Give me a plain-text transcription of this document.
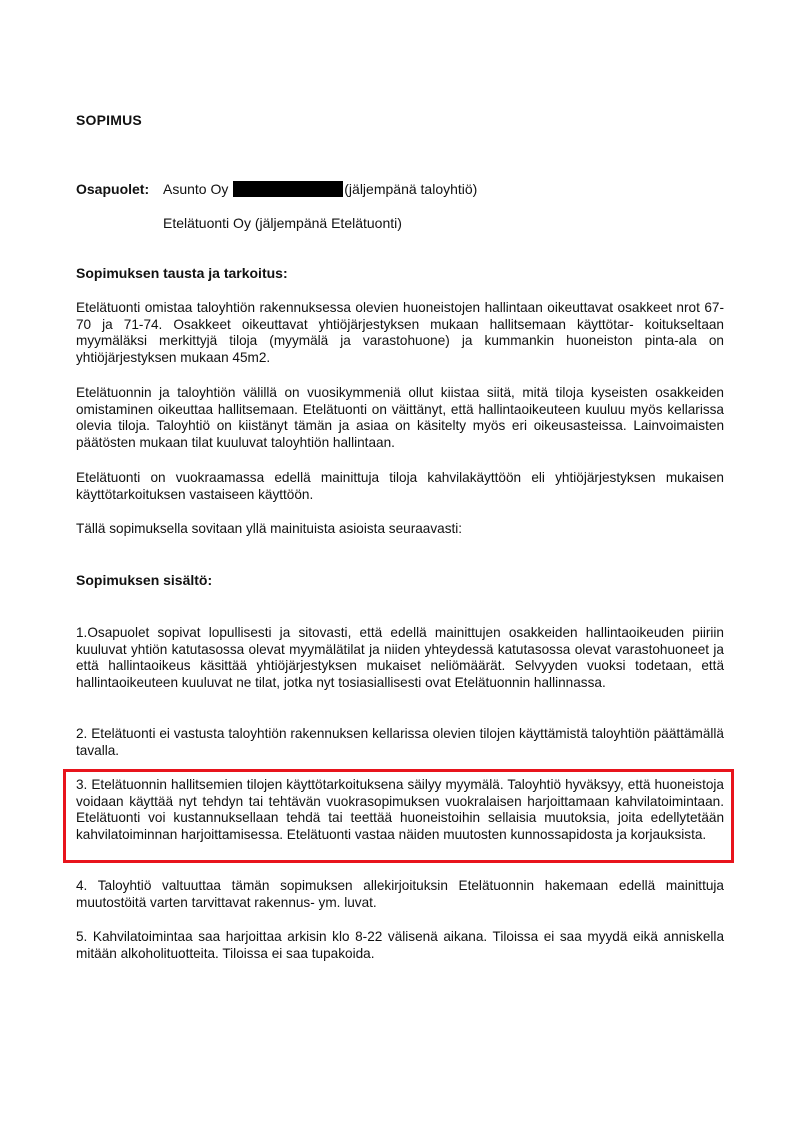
SOPIMUS
Osapuolet: Asunto Oy	(jäljempänä taloyhtiö)
Etelätuonti Oy (jäljempänä Etelätuonti)
Sopimuksen tausta ja tarkoitus:

Etelätuonti omistaa taloyhtiön rakennuksessa olevien huoneistojen hallintaan oikeuttavat osakkeet nrot 67-70 ja 71-74. Osakkeet oikeuttavat yhtiöjärjestyksen mukaan hallitsemaan käyttötar- koitukseltaan myymäläksi merkittyjä tiloja (myymälä ja varastohuone) ja kummankin huoneiston pinta-ala on yhtiöjärjestyksen mukaan 45m2.

Etelätuonnin ja taloyhtiön välillä on vuosikymmeniä ollut kiistaa siitä, mitä tiloja kyseisten osakkeiden omistaminen oikeuttaa hallitsemaan. Etelätuonti on väittänyt, että hallintaoikeuteen kuuluu myös kellarissa olevia tiloja. Taloyhtiö on kiistänyt tämän ja asiaa on käsitelty myös eri oikeusasteissa. Lainvoimaisten päätösten mukaan tilat kuuluvat taloyhtiön hallintaan.

Etelätuonti on vuokraamassa edellä mainittuja tiloja kahvilakäyttöön eli yhtiöjärjestyksen mukaisen käyttötarkoituksen vastaiseen käyttöön.

Tällä sopimuksella sovitaan yllä mainituista asioista seuraavasti:

Sopimuksen sisältö:

1.Osapuolet sopivat lopullisesti ja sitovasti, että edellä mainittujen osakkeiden hallintaoikeuden piiriin kuuluvat yhtiön katutasossa olevat myymälätilat ja niiden yhteydessä katutasossa olevat varastohuoneet ja että hallintaoikeus käsittää yhtiöjärjestyksen mukaiset neliömäärät. Selvyyden vuoksi todetaan, että hallintaoikeuteen kuuluvat ne tilat, jotka nyt tosiasiallisesti ovat Etelätuonnin hallinnassa.

2. Etelätuonti ei vastusta taloyhtiön rakennuksen kellarissa olevien tilojen käyttämistä taloyhtiön päättämällä tavalla.

3. Etelätuonnin hallitsemien tilojen käyttötarkoituksena säilyy myymälä. Taloyhtiö hyväksyy, että huoneistoja voidaan käyttää nyt tehdyn tai tehtävän vuokrasopimuksen vuokralaisen harjoittamaan kahvilatoimintaan. Etelätuonti voi kustannuksellaan tehdä tai teettää huoneistoihin sellaisia muutoksia, joita edellytetään kahvilatoiminnan harjoittamisessa. Etelätuonti vastaa näiden muutosten kunnossapidosta ja korjauksista.

4. Taloyhtiö valtuuttaa tämän sopimuksen allekirjoituksin Etelätuonnin hakemaan edellä mainittuja muutostöitä varten tarvittavat rakennus- ym. luvat.

5. Kahvilatoimintaa saa harjoittaa arkisin klo 8-22 välisenä aikana. Tiloissa ei saa myydä eikä anniskella mitään alkoholituotteita. Tiloissa ei saa tupakoida.
